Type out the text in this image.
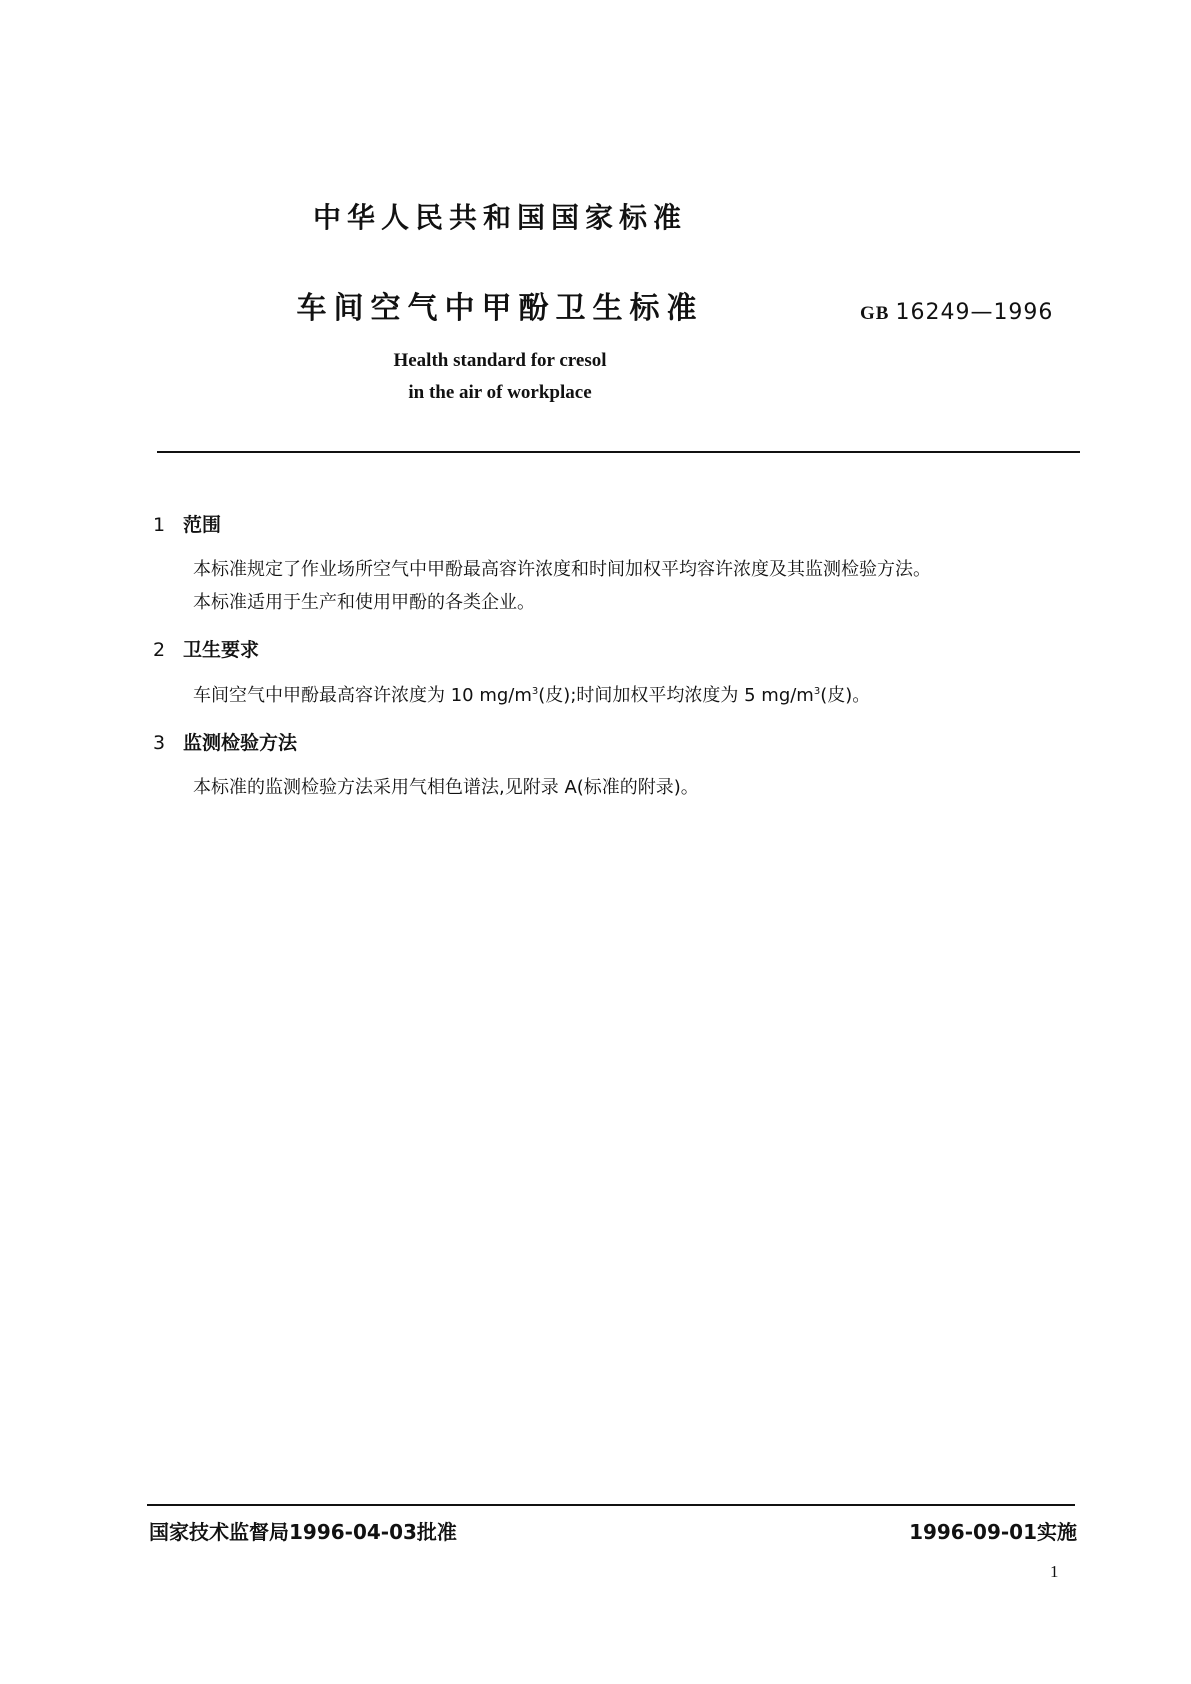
中华人民共和国国家标准
车间空气中甲酚卫生标准	GB 16249—1996
Health standard for cresol
in the air of workplace
1 范围
本标准规定了作业场所空气中甲酚最高容许浓度和时间加权平均容许浓度及其监测检验方法。
本标准适用于生产和使用甲酚的各类企业。
2 卫生要求
车间空气中甲酚最高容许浓度为 10 $mg/m^3$(皮);时间加权平均浓度为 5 $mg/m^3$(皮)。
3 监测检验方法
本标准的监测检验方法采用气相色谱法,见附录 A(标准的附录)。
国家技术监督局1996-04-03批准	1996-09-01实施
1
